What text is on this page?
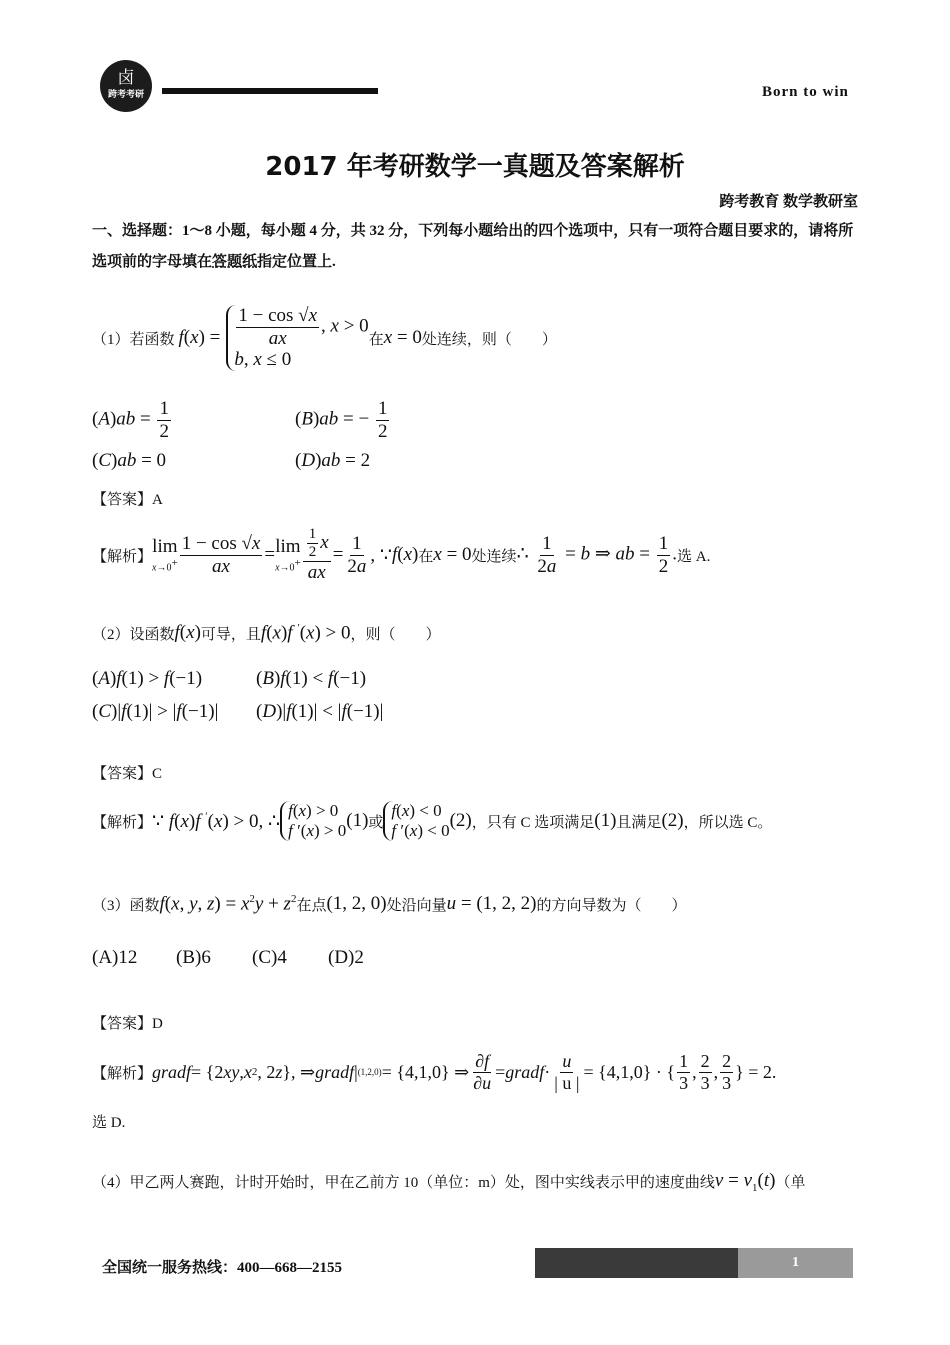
卤
跨考考研	Born to win
2017 年考研数学一真题及答案解析
跨考教育 数学教研室
一、选择题：1～8 小题，每小题 4 分，共 32 分，下列每小题给出的四个选项中，只有一项符合题目要求的，请将所选项前的字母填在答题纸指定位置上.
（1）若函数 $f(x) = \frac{1 - \cos √x}{ax}$ , x > 0
b, x ≤ 0
在 x = 0 处连续，则（　　）
$(A)ab = \frac{1}{2}$	(B)ab = − $\frac{1}{2}$
(C)ab = 0	(D)ab = 2
【答案】A
【解析】 lim
$x\to 0^+ \frac{1 - \cos √x}{ax} = \lim$
$x\to 0^+ \frac{\frac{1}{2} x}{ax} = \frac{1}{2a}$ , ∵ f ( x ) 在 x = 0 处连续 ∴ $\frac{1}{2a} = b$ ⇒ ab = $\frac{1}{2}$ . 选 A.
（2）设函数 f(x) 可导，且 f(x)f ′(x) > 0 ，则（　　）
(A)f(1) > f(−1)	(B)f(1) < f(−1)
(C)|f(1)| > |f(−1)| (D)|f(1)| < |f(−1)|
【答案】C
【解析】 ∵ f(x)f ′(x) > 0, ∴ f(x) > 0
f ′(x) > 0 (1) 或
f(x) < 0
f ′(x) < 0 (2) ，只有 C 选项满足 (1) 且满足 (2) ，所以选 C。
（3）函数 f(x, y, $z) = x^2y + z^2$ 在点 (1, 2, 0) 处沿向量 u = (1, 2, 2) 的方向导数为（　　）
(A)12 (B)6 (C)4 (D)2
【答案】D
【解析】 gradf = {2 xy , x 2 , 2 z }, ⇒ gradf | (1,2,0) = {4,1,0} ⇒ $\frac{\partial f}{\partial u}$ = gradf · $\frac{u}{| u |} = \{4,1,0\}$ · { $\frac{1}{3}$ , $\frac{2}{3}$ , $\frac{2}{3}$ } = 2.
选 D.
（4）甲乙两人赛跑，计时开始时，甲在乙前方 10（单位：m）处，图中实线表示甲的速度曲线 $v = v_1(t)$ （单
全国统一服务热线：400—668—2155	1
